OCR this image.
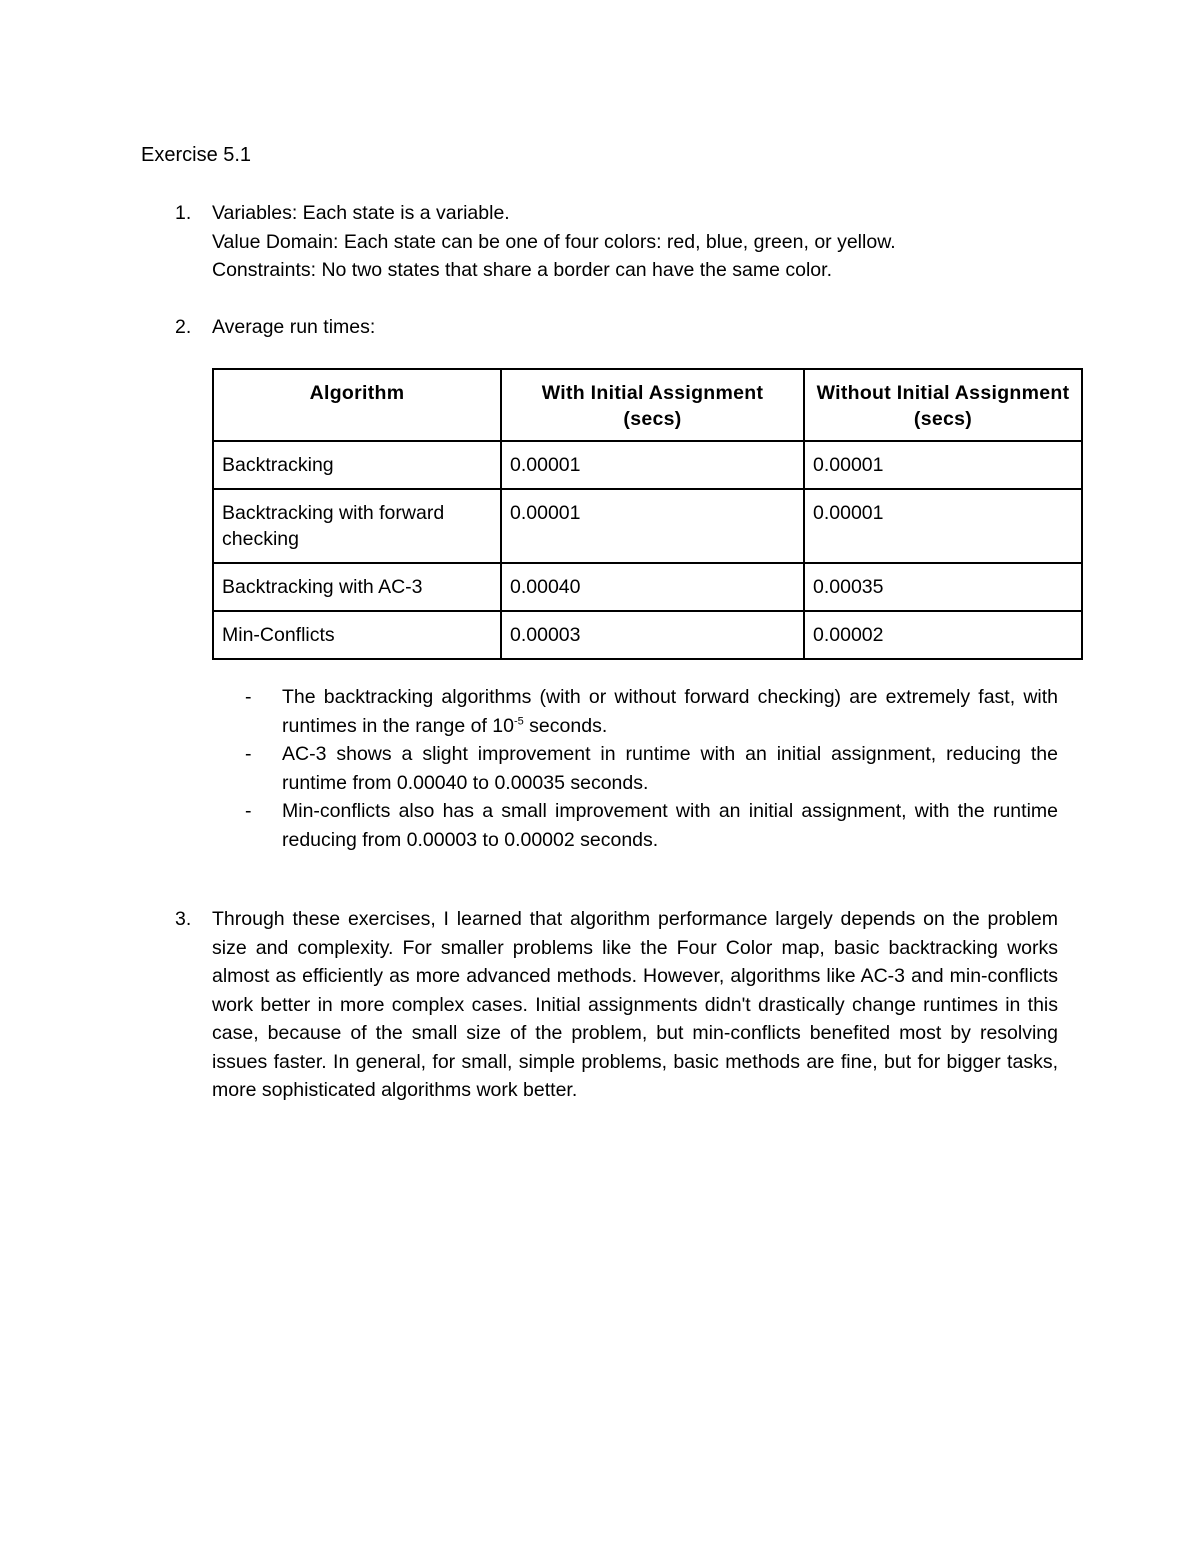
Exercise 5.1
1. Variables: Each state is a variable.
Value Domain: Each state can be one of four colors: red, blue, green, or yellow.
Constraints: No two states that share a border can have the same color.
2. Average run times:
Algorithm	With Initial Assignment (secs)	Without Initial Assignment (secs)
Backtracking	0.00001	0.00001
Backtracking with forward checking	0.00001	0.00001
Backtracking with AC-3	0.00040	0.00035
Min-Conflicts	0.00003	0.00002
- The backtracking algorithms (with or without forward checking) are extremely fast, with runtimes in the range of $10^{-5}$ seconds.
- AC-3 shows a slight improvement in runtime with an initial assignment, reducing the runtime from 0.00040 to 0.00035 seconds.
- Min-conflicts also has a small improvement with an initial assignment, with the runtime reducing from 0.00003 to 0.00002 seconds.
3. Through these exercises, I learned that algorithm performance largely depends on the problem size and complexity. For smaller problems like the Four Color map, basic backtracking works almost as efficiently as more advanced methods. However, algorithms like AC-3 and min-conflicts work better in more complex cases. Initial assignments didn't drastically change runtimes in this case, because of the small size of the problem, but min-conflicts benefited most by resolving issues faster. In general, for small, simple problems, basic methods are fine, but for bigger tasks, more sophisticated algorithms work better.
